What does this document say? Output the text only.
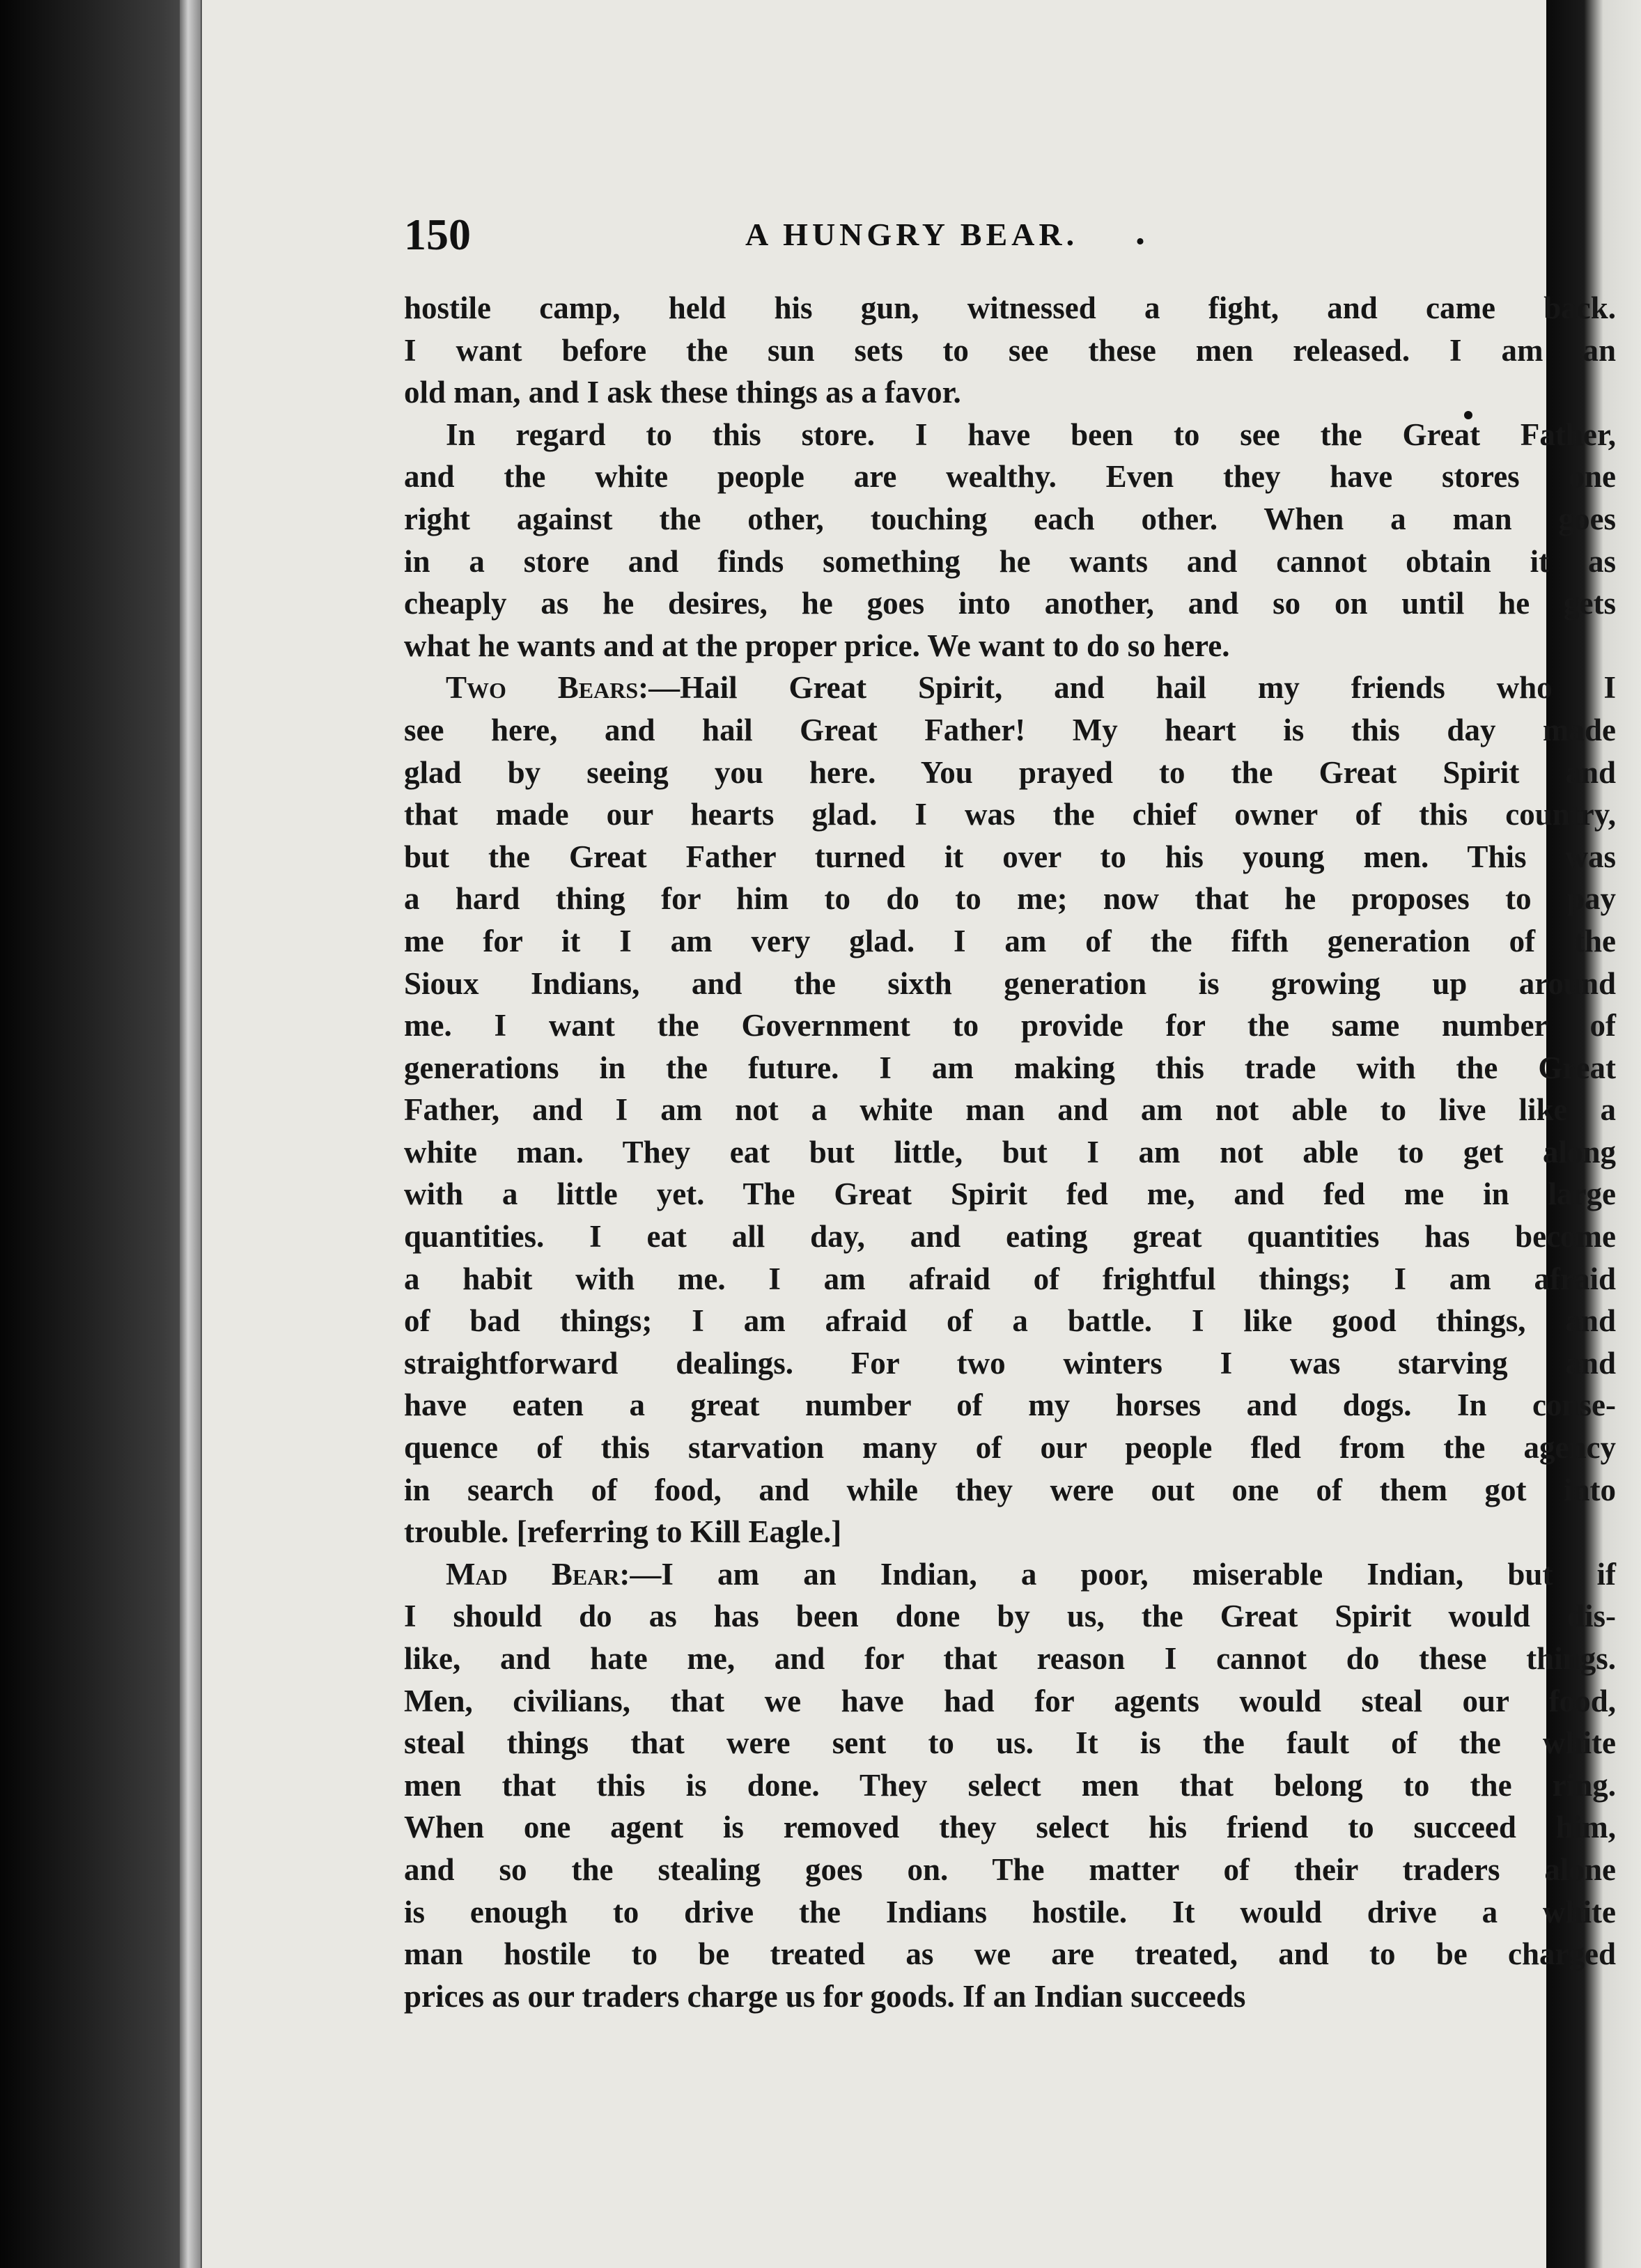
150	A HUNGRY BEAR. .
hostile camp, held his gun, witnessed a fight, and came back.
I want before the sun sets to see these men released. I am an
old man, and I ask these things as a favor.
In regard to this store. I have been to see the Great Father,
and the white people are wealthy. Even they have stores one
right against the other, touching each other. When a man goes
in a store and finds something he wants and cannot obtain it as
cheaply as he desires, he goes into another, and so on until he gets
what he wants and at the proper price. We want to do so here.
Two Bears:—Hail Great Spirit, and hail my friends who I
see here, and hail Great Father! My heart is this day made
glad by seeing you here. You prayed to the Great Spirit and
that made our hearts glad. I was the chief owner of this country,
but the Great Father turned it over to his young men. This was
a hard thing for him to do to me; now that he proposes to pay
me for it I am very glad. I am of the fifth generation of the
Sioux Indians, and the sixth generation is growing up around
me. I want the Government to provide for the same number of
generations in the future. I am making this trade with the Great
Father, and I am not a white man and am not able to live like a
white man. They eat but little, but I am not able to get along
with a little yet. The Great Spirit fed me, and fed me in large
quantities. I eat all day, and eating great quantities has become
a habit with me. I am afraid of frightful things; I am afraid
of bad things; I am afraid of a battle. I like good things, and
straightforward dealings. For two winters I was starving and
have eaten a great number of my horses and dogs. In conse-
quence of this starvation many of our people fled from the agency
in search of food, and while they were out one of them got into
trouble. [referring to Kill Eagle.]
Mad Bear:—I am an Indian, a poor, miserable Indian, but if
I should do as has been done by us, the Great Spirit would dis-
like, and hate me, and for that reason I cannot do these things.
Men, civilians, that we have had for agents would steal our food,
steal things that were sent to us. It is the fault of the white
men that this is done. They select men that belong to the ring.
When one agent is removed they select his friend to succeed him,
and so the stealing goes on. The matter of their traders alone
is enough to drive the Indians hostile. It would drive a white
man hostile to be treated as we are treated, and to be charged
prices as our traders charge us for goods. If an Indian succeeds
